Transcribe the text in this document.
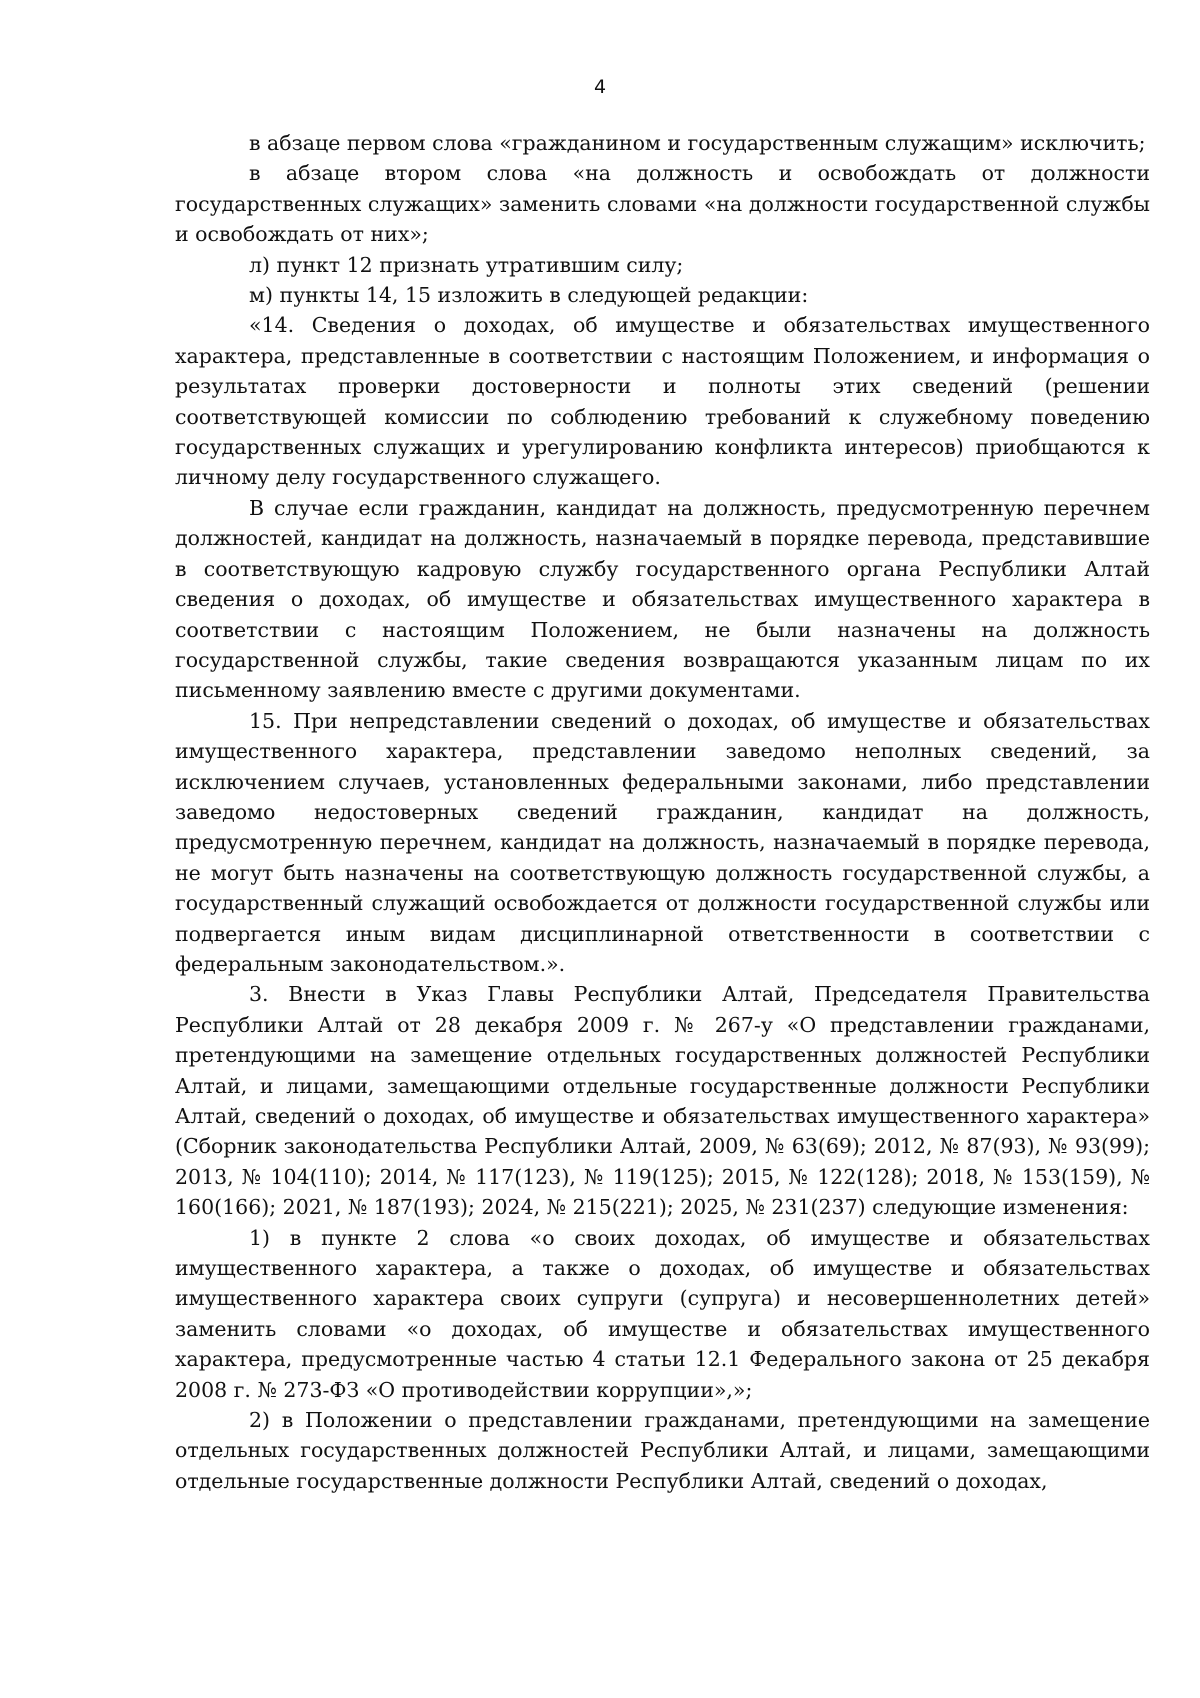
4

в абзаце первом слова «гражданином и государственным служащим» исключить;

в абзаце втором слова «на должность и освобождать от должности государственных служащих» заменить словами «на должности государственной службы и освобождать от них»;

л) пункт 12 признать утратившим силу;

м) пункты 14, 15 изложить в следующей редакции:

«14. Сведения о доходах, об имуществе и обязательствах имущественного характера, представленные в соответствии с настоящим Положением, и информация о результатах проверки достоверности и полноты этих сведений (решении соответствующей комиссии по соблюдению требований к служебному поведению государственных служащих и урегулированию конфликта интересов) приобщаются к личному делу государственного служащего.

В случае если гражданин, кандидат на должность, предусмотренную перечнем должностей, кандидат на должность, назначаемый в порядке перевода, представившие в соответствующую кадровую службу государственного органа Республики Алтай сведения о доходах, об имуществе и обязательствах имущественного характера в соответствии с настоящим Положением, не были назначены на должность государственной службы, такие сведения возвращаются указанным лицам по их письменному заявлению вместе с другими документами.

15. При непредставлении сведений о доходах, об имуществе и обязательствах имущественного характера, представлении заведомо неполных сведений, за исключением случаев, установленных федеральными законами, либо представлении заведомо недостоверных сведений гражданин, кандидат на должность, предусмотренную перечнем, кандидат на должность, назначаемый в порядке перевода, не могут быть назначены на соответствующую должность государственной службы, а государственный служащий освобождается от должности государственной службы или подвергается иным видам дисциплинарной ответственности в соответствии с федеральным законодательством.».

3. Внести в Указ Главы Республики Алтай, Председателя Правительства Республики Алтай от 28 декабря 2009 г. № 267-у «О представлении гражданами, претендующими на замещение отдельных государственных должностей Республики Алтай, и лицами, замещающими отдельные государственные должности Республики Алтай, сведений о доходах, об имуществе и обязательствах имущественного характера» (Сборник законодательства Республики Алтай, 2009, № 63(69); 2012, № 87(93), № 93(99); 2013, № 104(110); 2014, № 117(123), № 119(125); 2015, № 122(128); 2018, № 153(159), № 160(166); 2021, № 187(193); 2024, № 215(221); 2025, № 231(237) следующие изменения:

1) в пункте 2 слова «о своих доходах, об имуществе и обязательствах имущественного характера, а также о доходах, об имуществе и обязательствах имущественного характера своих супруги (супруга) и несовершеннолетних детей» заменить словами «о доходах, об имуществе и обязательствах имущественного характера, предусмотренные частью 4 статьи 12.1 Федерального закона от 25 декабря 2008 г. № 273-ФЗ «О противодействии коррупции»,»;

2) в Положении о представлении гражданами, претендующими на замещение отдельных государственных должностей Республики Алтай, и лицами, замещающими отдельные государственные должности Республики Алтай, сведений о доходах,
